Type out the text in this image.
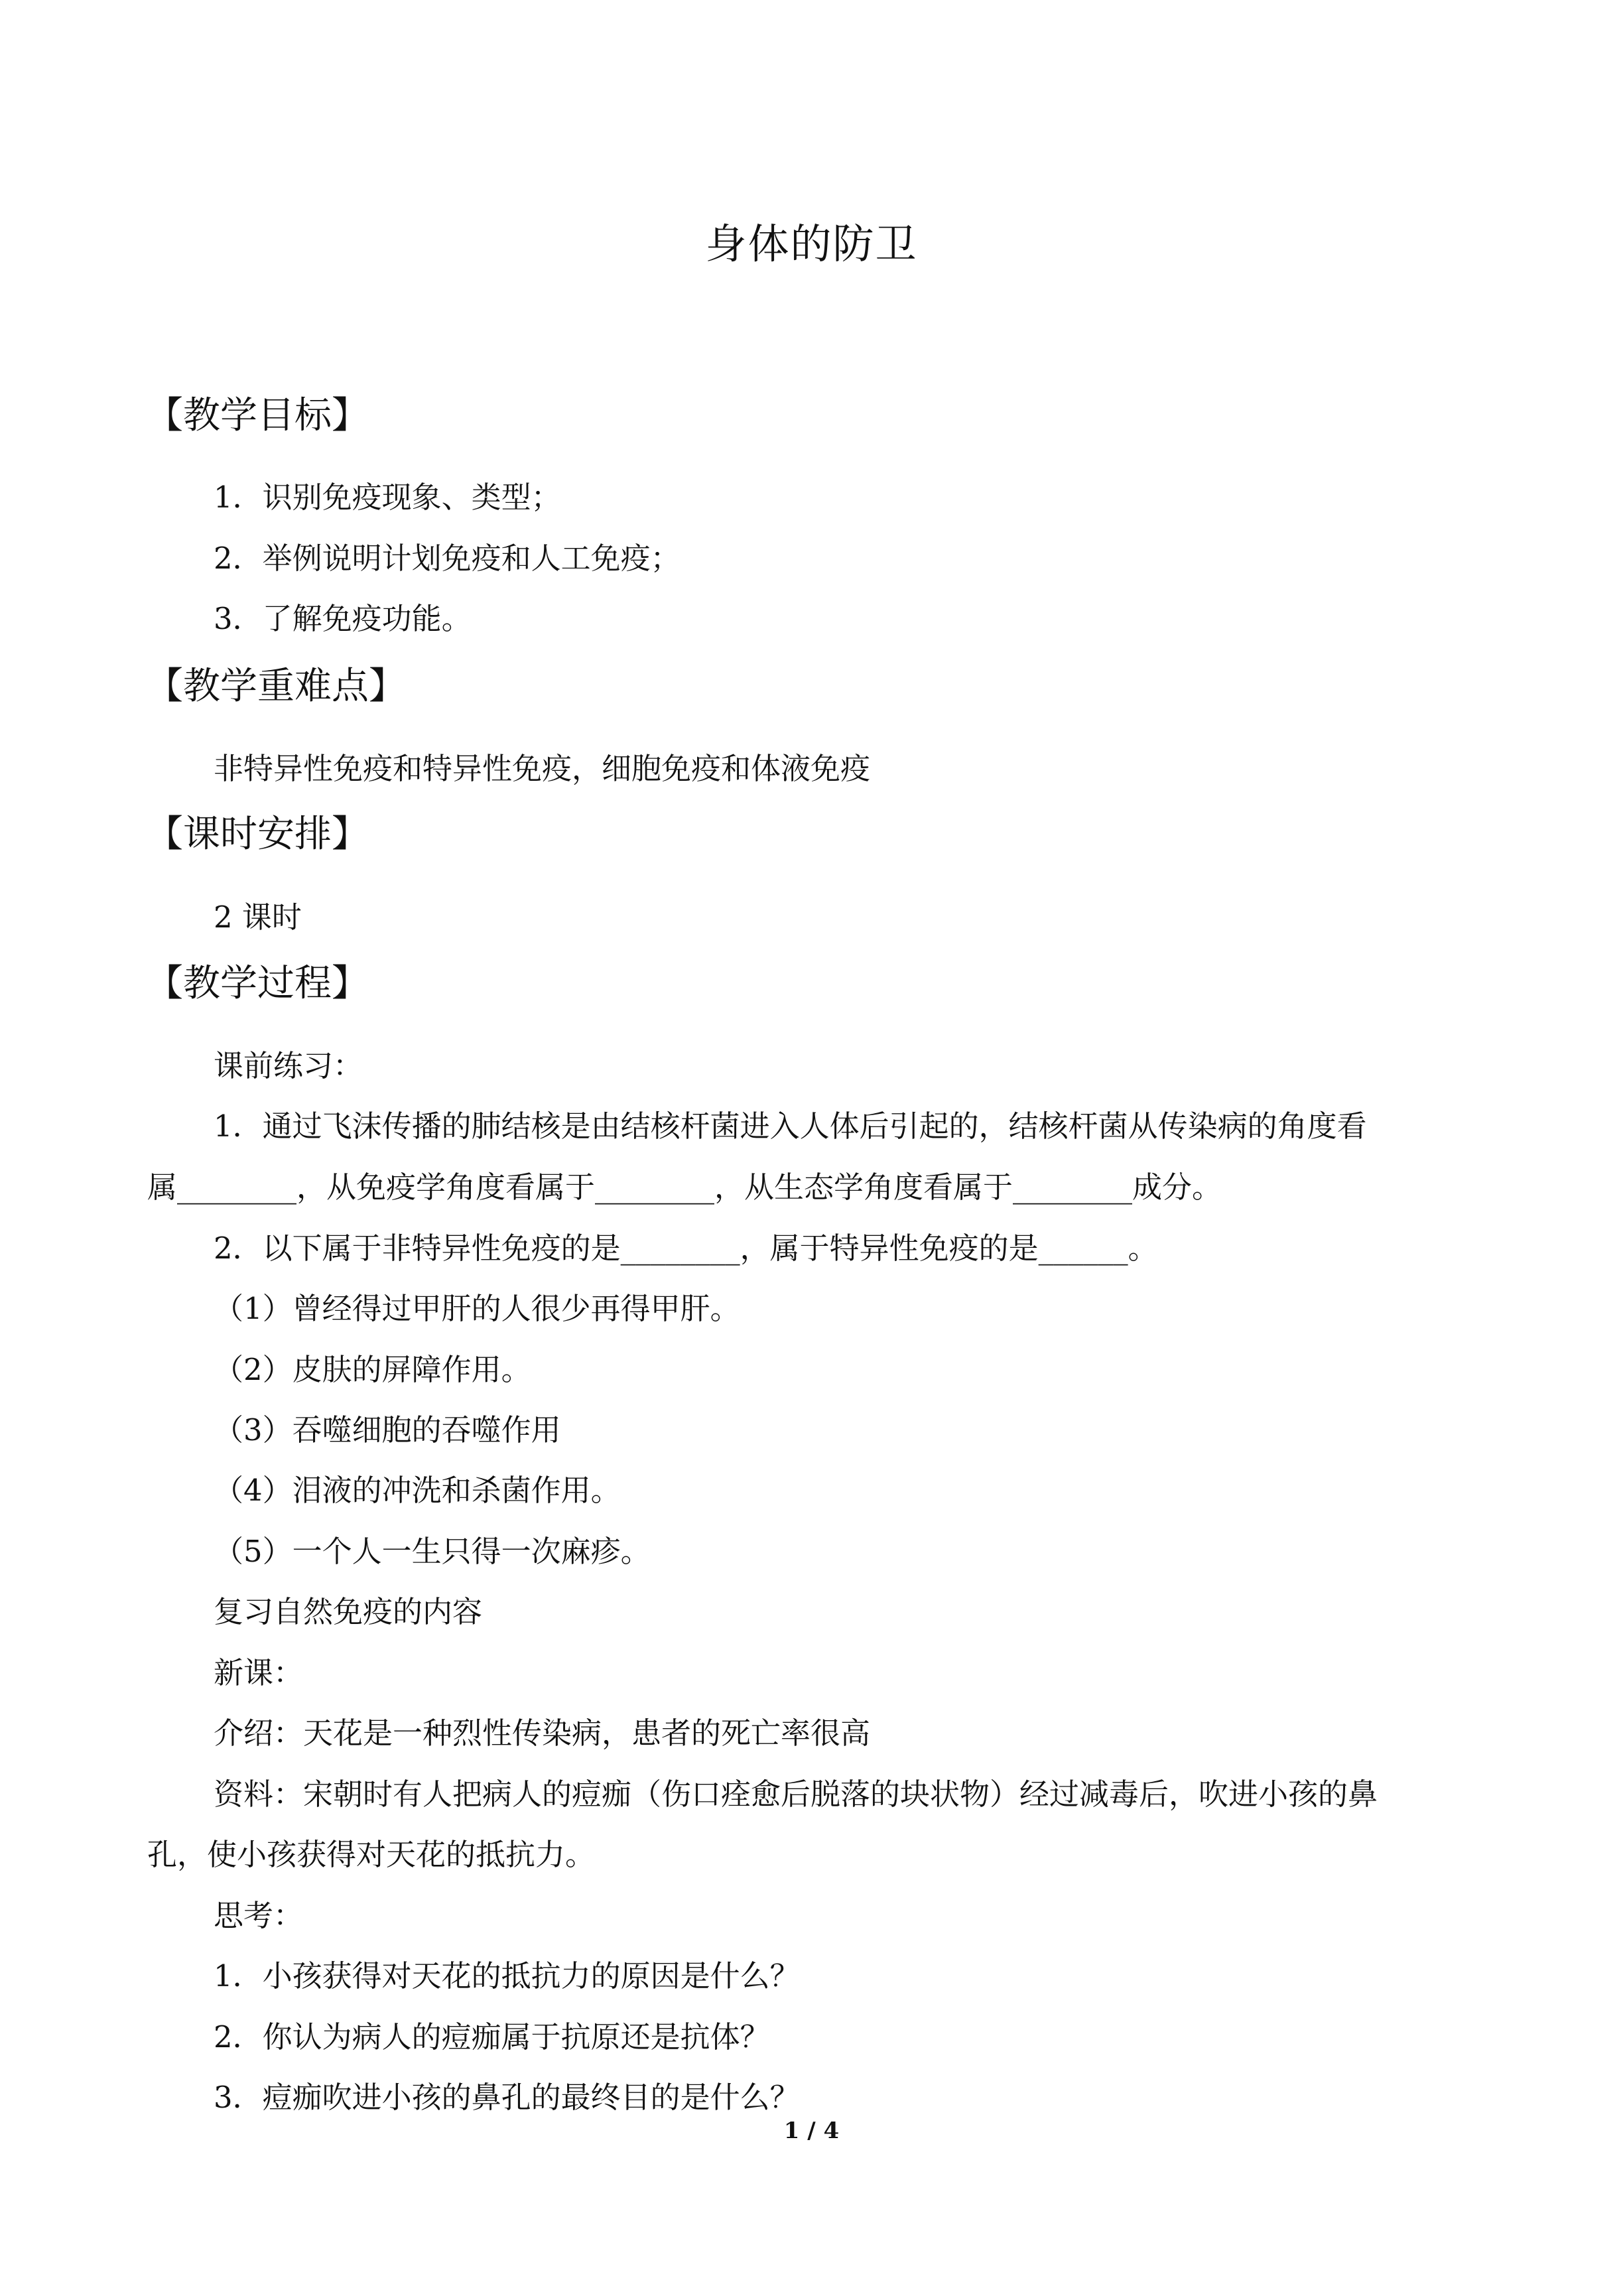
身体的防卫
【教学目标】
1．识别免疫现象、类型；
2．举例说明计划免疫和人工免疫；
3．了解免疫功能。
【教学重难点】
非特异性免疫和特异性免疫，细胞免疫和体液免疫
【课时安排】
2 课时
【教学过程】
课前练习：
1．通过飞沫传播的肺结核是由结核杆菌进入人体后引起的，结核杆菌从传染病的角度看
属________，从免疫学角度看属于________，从生态学角度看属于________成分。
2．以下属于非特异性免疫的是________，属于特异性免疫的是______。
（1）曾经得过甲肝的人很少再得甲肝。
（2）皮肤的屏障作用。
（3）吞噬细胞的吞噬作用
（4）泪液的冲洗和杀菌作用。
（5）一个人一生只得一次麻疹。
复习自然免疫的内容
新课：
介绍：天花是一种烈性传染病，患者的死亡率很高
资料：宋朝时有人把病人的痘痂（伤口痊愈后脱落的块状物）经过减毒后，吹进小孩的鼻
孔，使小孩获得对天花的抵抗力。
思考：
1．小孩获得对天花的抵抗力的原因是什么？
2．你认为病人的痘痂属于抗原还是抗体？
3．痘痂吹进小孩的鼻孔的最终目的是什么？
1 / 4
